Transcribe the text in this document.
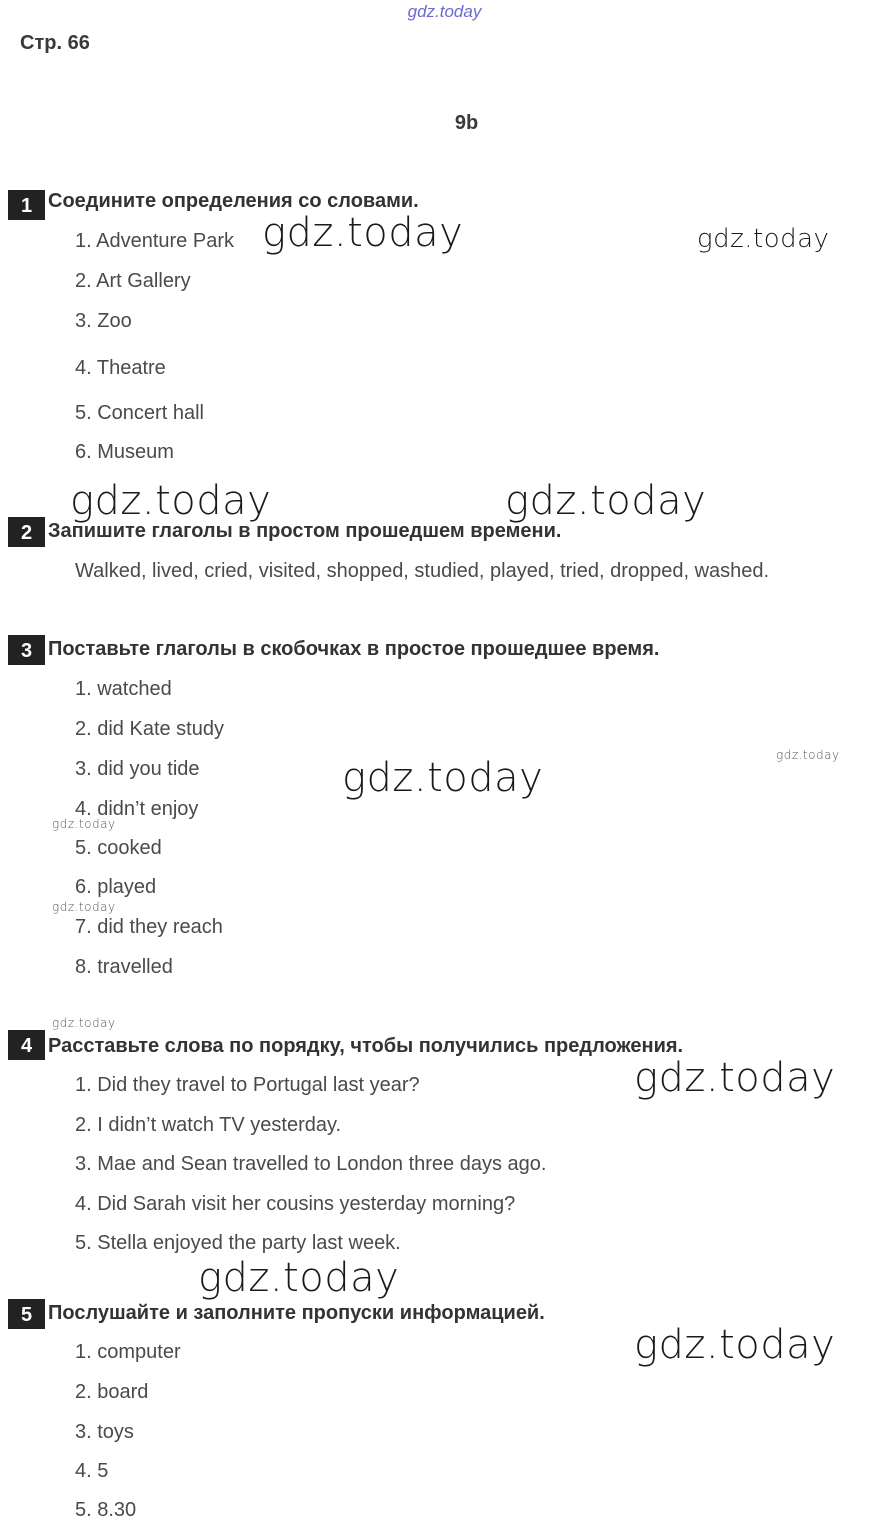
gdz.today
Стр. 66
9b
1 Соедините определения со словами.
1. Adventure Park
2. Art Gallery
3. Zoo
4. Theatre
5. Concert hall
6. Museum
2 Запишите глаголы в простом прошедшем времени.
Walked, lived, cried, visited, shopped, studied, played, tried, dropped, washed.
3 Поставьте глаголы в скобочках в простое прошедшее время.
1. watched
2. did Kate study
3. did you tide
4. didn’t enjoy
5. cooked
6. played
7. did they reach
8. travelled
4 Расставьте слова по порядку, чтобы получились предложения.
1. Did they travel to Portugal last year?
2. I didn’t watch TV yesterday.
3. Mae and Sean travelled to London three days ago.
4. Did Sarah visit her cousins yesterday morning?
5. Stella enjoyed the party last week.
5 Послушайте и заполните пропуски информацией.
1. computer
2. board
3. toys
4. 5
5. 8.30
gdz.today	gdz.today
gdz.today	gdz.today
gdz.today
gdz.today
gdz.today
gdz.today
gdz.today
gdz.today
gdz.today
gdz.today
